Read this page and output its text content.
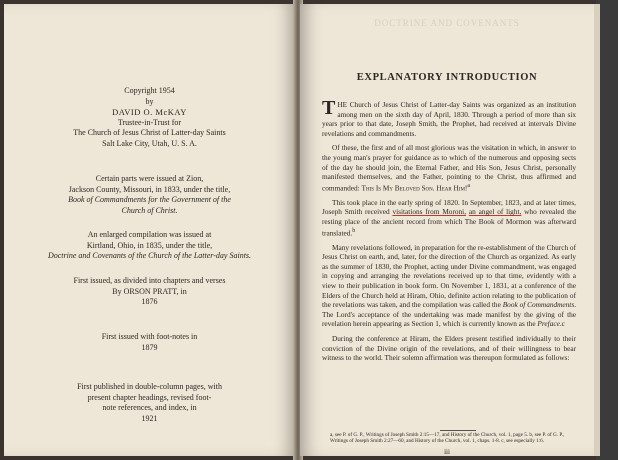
Copyright 1954
by
DAVID O. McKAY
Trustee-in-Trust for
The Church of Jesus Christ of Latter-day Saints
Salt Lake City, Utah, U. S. A.
Certain parts were issued at Zion,
Jackson County, Missouri, in 1833, under the title,
Book of Commandments for the Government of the
Church of Christ.
An enlarged compilation was issued at
Kirtland, Ohio, in 1835, under the title,
Doctrine and Covenants of the Church of the Latter-day Saints.
First issued, as divided into chapters and verses
By ORSON PRATT, in
1876
First issued with foot-notes in
1879
First published in double-column pages, with
present chapter headings, revised foot-
note references, and index, in
1921
DOCTRINE AND COVENANTS
EXPLANATORY INTRODUCTION

THE Church of Jesus Christ of Latter-day Saints was organized as an institution among men on the sixth day of April, 1830. Through a period of more than six years prior to that date, Joseph Smith, the Prophet, had received at intervals Divine revelations and commandments.

Of these, the first and of all most glorious was the visitation in which, in answer to the young man's prayer for guidance as to which of the numerous and opposing sects of the day he should join, the Eternal Father, and His Son, Jesus Christ, personally manifested themselves, and the Father, pointing to the Christ, thus affirmed and commanded: This Is My Beloved Son. Hear Him!$^a$

This took place in the early spring of 1820. In September, 1823, and at later times, Joseph Smith received visitations from Moroni, an angel of light, who revealed the resting place of the ancient record from which The Book of Mormon was afterward translated.$^b$

Many revelations followed, in preparation for the re-establishment of the Church of Jesus Christ on earth, and, later, for the direction of the Church as organized. As early as the summer of 1830, the Prophet, acting under Divine commandment, was engaged in copying and arranging the revelations received up to that time, evidently with a view to their publication in book form. On November 1, 1831, at a conference of the Elders of the Church held at Hiram, Ohio, definite action relating to the publication of the revelations was taken, and the compilation was called the Book of Commandments. The Lord's acceptance of the undertaking was made manifest by the giving of the revelation herein appearing as Section 1, which is currently known as the Preface.c

During the conference at Hiram, the Elders present testified individually to their conviction of the Divine origin of the revelations, and of their willingness to bear witness to the world. Their solemn affirmation was thereupon formulated as follows:

a, see P. of G. P., Writings of Joseph Smith 2:15—17, and History of the Church, vol. 1, page 5. b, see P. of G. P., Writings of Joseph Smith 2:27—60, and History of the Church, vol. 1, chaps. 1-8. c, see especially 1:6.
iii
